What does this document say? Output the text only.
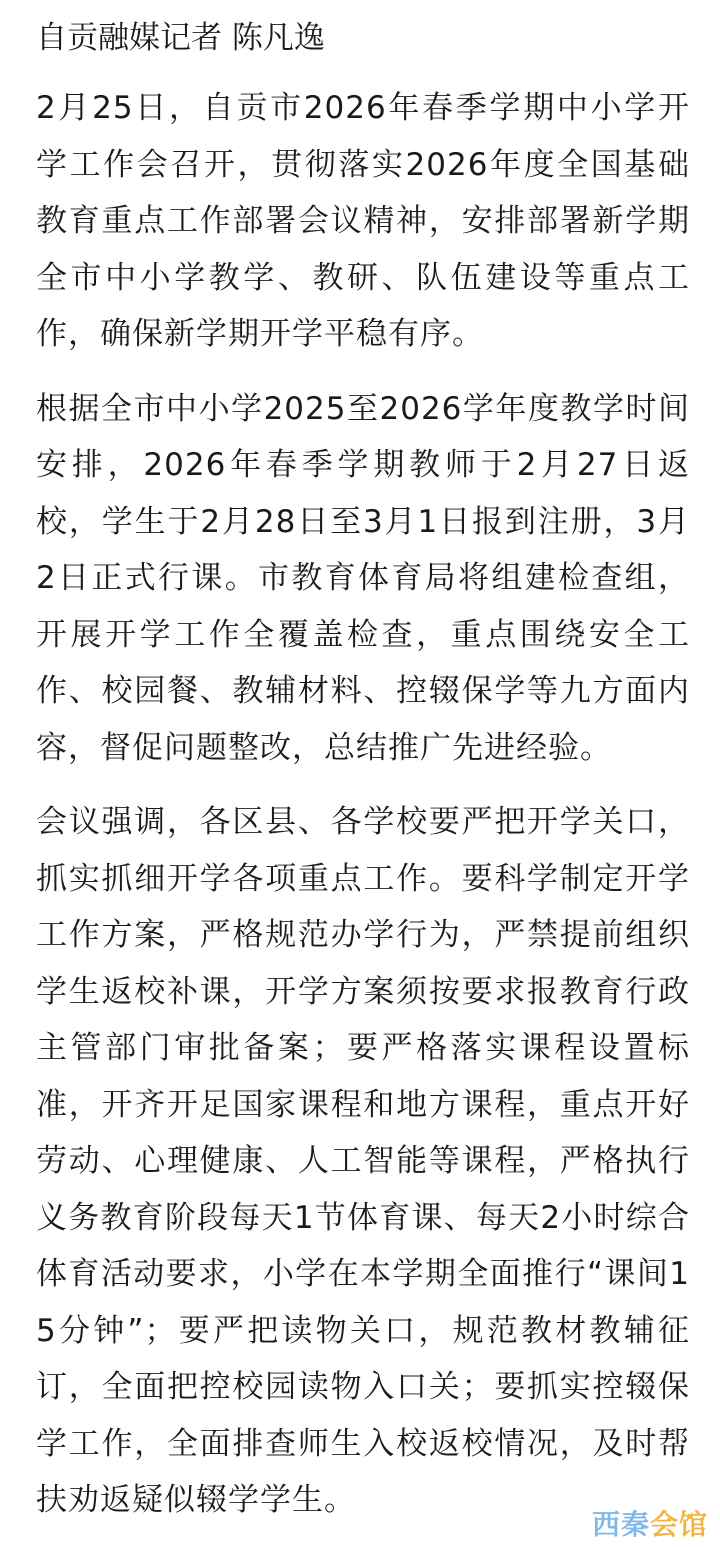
自贡融媒记者 陈凡逸

2月25日，自贡市2026年春季学期中小学开学工作会召开，贯彻落实2026年度全国基础教育重点工作部署会议精神，安排部署新学期全市中小学教学、教研、队伍建设等重点工作，确保新学期开学平稳有序。

根据全市中小学2025至2026学年度教学时间安排，2026年春季学期教师于2月27日返校，学生于2月28日至3月1日报到注册，3月2日正式行课。市教育体育局将组建检查组，开展开学工作全覆盖检查，重点围绕安全工作、校园餐、教辅材料、控辍保学等九方面内容，督促问题整改，总结推广先进经验。

会议强调，各区县、各学校要严把开学关口，抓实抓细开学各项重点工作。要科学制定开学工作方案，严格规范办学行为，严禁提前组织学生返校补课，开学方案须按要求报教育行政主管部门审批备案；要严格落实课程设置标准，开齐开足国家课程和地方课程，重点开好劳动、心理健康、人工智能等课程，严格执行义务教育阶段每天1节体育课、每天2小时综合体育活动要求，小学在本学期全面推行“课间15分钟”；要严把读物关口，规范教材教辅征订，全面把控校园读物入口关；要抓实控辍保学工作，全面排查师生入校返校情况，及时帮扶劝返疑似辍学学生。

西秦会馆
